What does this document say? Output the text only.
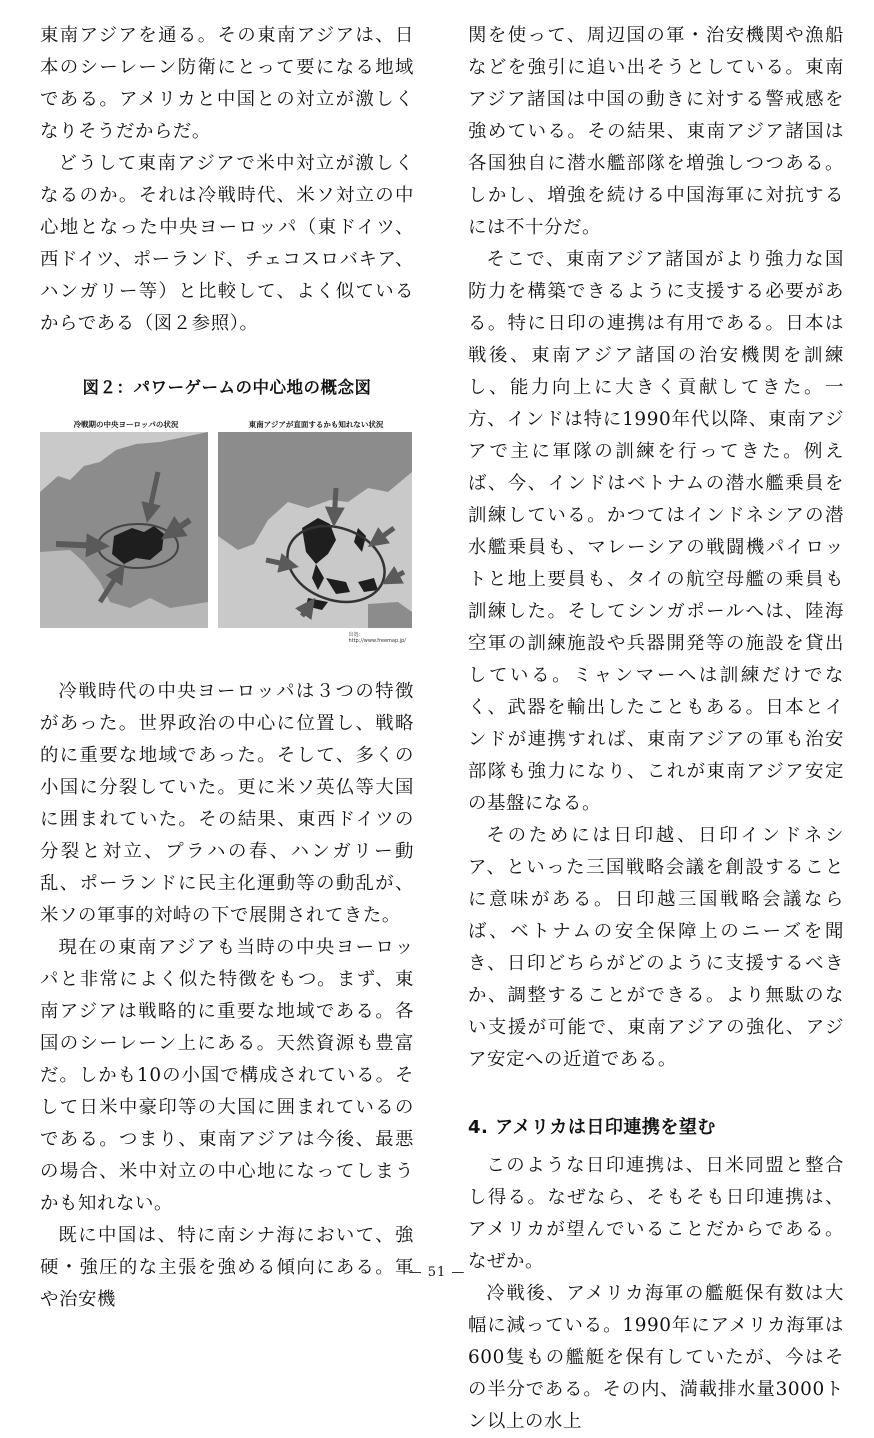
東南アジアを通る。その東南アジアは、日本のシーレーン防衛にとって要になる地域である。アメリカと中国との対立が激しくなりそうだからだ。

どうして東南アジアで米中対立が激しくなるのか。それは冷戦時代、米ソ対立の中心地となった中央ヨーロッパ（東ドイツ、西ドイツ、ポーランド、チェコスロバキア、ハンガリー等）と比較して、よく似ているからである（図２参照）。

図２：パワーゲームの中心地の概念図
冷戦期の中央ヨーロッパの状況	東南アジアが直面するかも知れない状況
出処：
http://www.freemap.jp/

冷戦時代の中央ヨーロッパは３つの特徴があった。世界政治の中心に位置し、戦略的に重要な地域であった。そして、多くの小国に分裂していた。更に米ソ英仏等大国に囲まれていた。その結果、東西ドイツの分裂と対立、プラハの春、ハンガリー動乱、ポーランドに民主化運動等の動乱が、米ソの軍事的対峙の下で展開されてきた。

現在の東南アジアも当時の中央ヨーロッパと非常によく似た特徴をもつ。まず、東南アジアは戦略的に重要な地域である。各国のシーレーン上にある。天然資源も豊富だ。しかも10の小国で構成されている。そして日米中豪印等の大国に囲まれているのである。つまり、東南アジアは今後、最悪の場合、米中対立の中心地になってしまうかも知れない。

既に中国は、特に南シナ海において、強硬・強圧的な主張を強める傾向にある。軍や治安機

関を使って、周辺国の軍・治安機関や漁船などを強引に追い出そうとしている。東南アジア諸国は中国の動きに対する警戒感を強めている。その結果、東南アジア諸国は各国独自に潜水艦部隊を増強しつつある。しかし、増強を続ける中国海軍に対抗するには不十分だ。

そこで、東南アジア諸国がより強力な国防力を構築できるように支援する必要がある。特に日印の連携は有用である。日本は戦後、東南アジア諸国の治安機関を訓練し、能力向上に大きく貢献してきた。一方、インドは特に1990年代以降、東南アジアで主に軍隊の訓練を行ってきた。例えば、今、インドはベトナムの潜水艦乗員を訓練している。かつてはインドネシアの潜水艦乗員も、マレーシアの戦闘機パイロットと地上要員も、タイの航空母艦の乗員も訓練した。そしてシンガポールへは、陸海空軍の訓練施設や兵器開発等の施設を貸出している。ミャンマーへは訓練だけでなく、武器を輸出したこともある。日本とインドが連携すれば、東南アジアの軍も治安部隊も強力になり、これが東南アジア安定の基盤になる。

そのためには日印越、日印インドネシア、といった三国戦略会議を創設することに意味がある。日印越三国戦略会議ならば、ベトナムの安全保障上のニーズを聞き、日印どちらがどのように支援するべきか、調整することができる。より無駄のない支援が可能で、東南アジアの強化、アジア安定への近道である。

4. アメリカは日印連携を望む

このような日印連携は、日米同盟と整合し得る。なぜなら、そもそも日印連携は、アメリカが望んでいることだからである。なぜか。

冷戦後、アメリカ海軍の艦艇保有数は大幅に減っている。1990年にアメリカ海軍は600隻もの艦艇を保有していたが、今はその半分である。その内、満載排水量3000トン以上の水上

— 51 —
